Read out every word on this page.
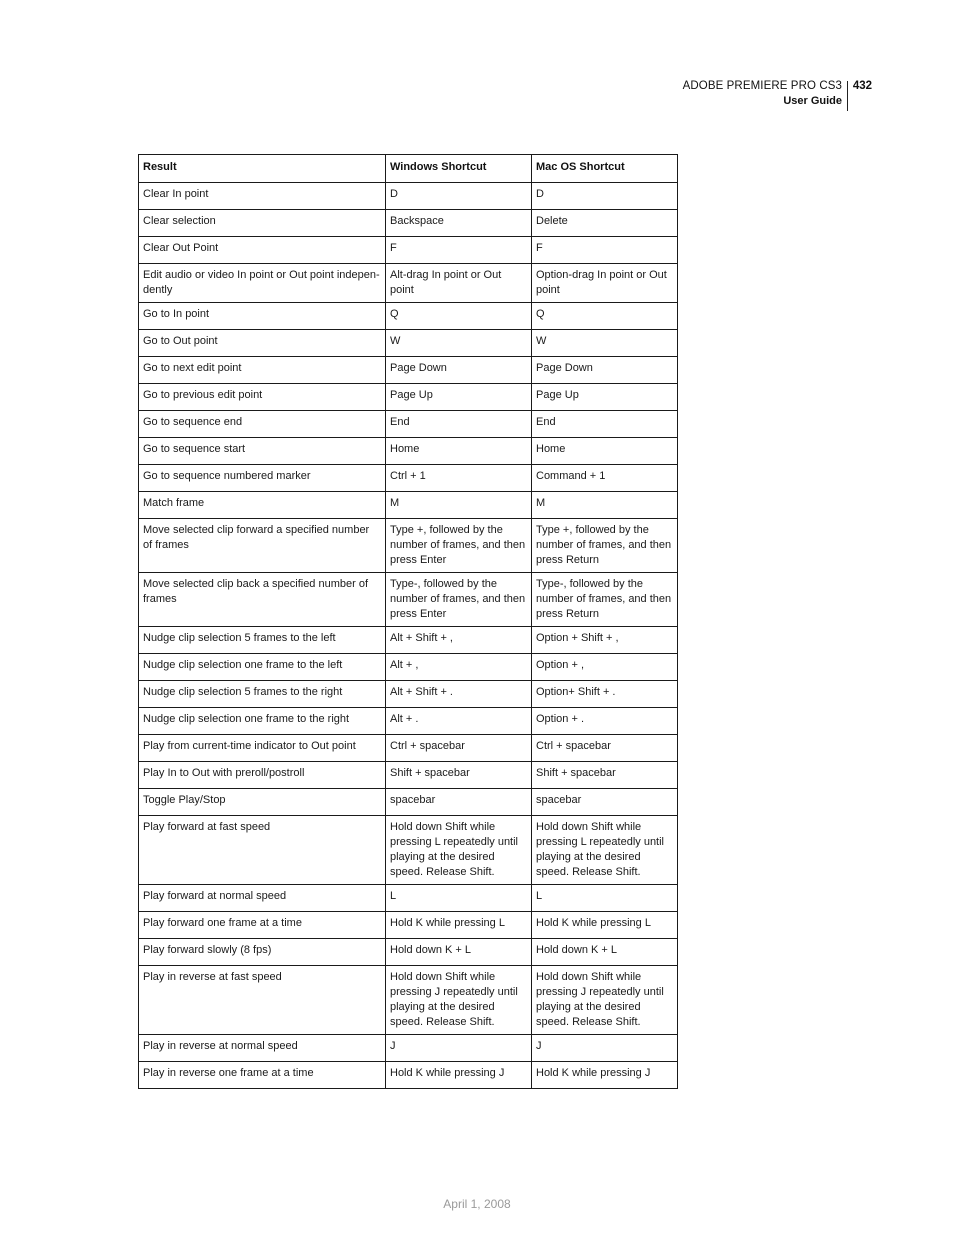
ADOBE PREMIERE PRO CS3
User Guide
432
Result	Windows Shortcut	Mac OS Shortcut
Clear In point	D	D
Clear selection	Backspace	Delete
Clear Out Point	F	F
Edit audio or video In point or Out point indepen-dently	Alt-drag In point or Out point	Option-drag In point or Out point
Go to In point	Q	Q
Go to Out point	W	W
Go to next edit point	Page Down	Page Down
Go to previous edit point	Page Up	Page Up
Go to sequence end	End	End
Go to sequence start	Home	Home
Go to sequence numbered marker	Ctrl + 1	Command + 1
Match frame	M	M
Move selected clip forward a specified number of frames	Type +, followed by the number of frames, and then press Enter	Type +, followed by the number of frames, and then press Return
Move selected clip back a specified number of frames	Type-, followed by the number of frames, and then press Enter	Type-, followed by the number of frames, and then press Return
Nudge clip selection 5 frames to the left	Alt + Shift + ,	Option + Shift + ,
Nudge clip selection one frame to the left	Alt + ,	Option + ,
Nudge clip selection 5 frames to the right	Alt + Shift + .	Option+ Shift + .
Nudge clip selection one frame to the right	Alt + .	Option + .
Play from current-time indicator to Out point	Ctrl + spacebar	Ctrl + spacebar
Play In to Out with preroll/postroll	Shift + spacebar	Shift + spacebar
Toggle Play/Stop	spacebar	spacebar
Play forward at fast speed	Hold down Shift while pressing L repeatedly until playing at the desired speed. Release Shift.	Hold down Shift while pressing L repeatedly until playing at the desired speed. Release Shift.
Play forward at normal speed	L	L
Play forward one frame at a time	Hold K while pressing L	Hold K while pressing L
Play forward slowly (8 fps)	Hold down K + L	Hold down K + L
Play in reverse at fast speed	Hold down Shift while pressing J repeatedly until playing at the desired speed. Release Shift.	Hold down Shift while pressing J repeatedly until playing at the desired speed. Release Shift.
Play in reverse at normal speed	J	J
Play in reverse one frame at a time	Hold K while pressing J	Hold K while pressing J
April 1, 2008
